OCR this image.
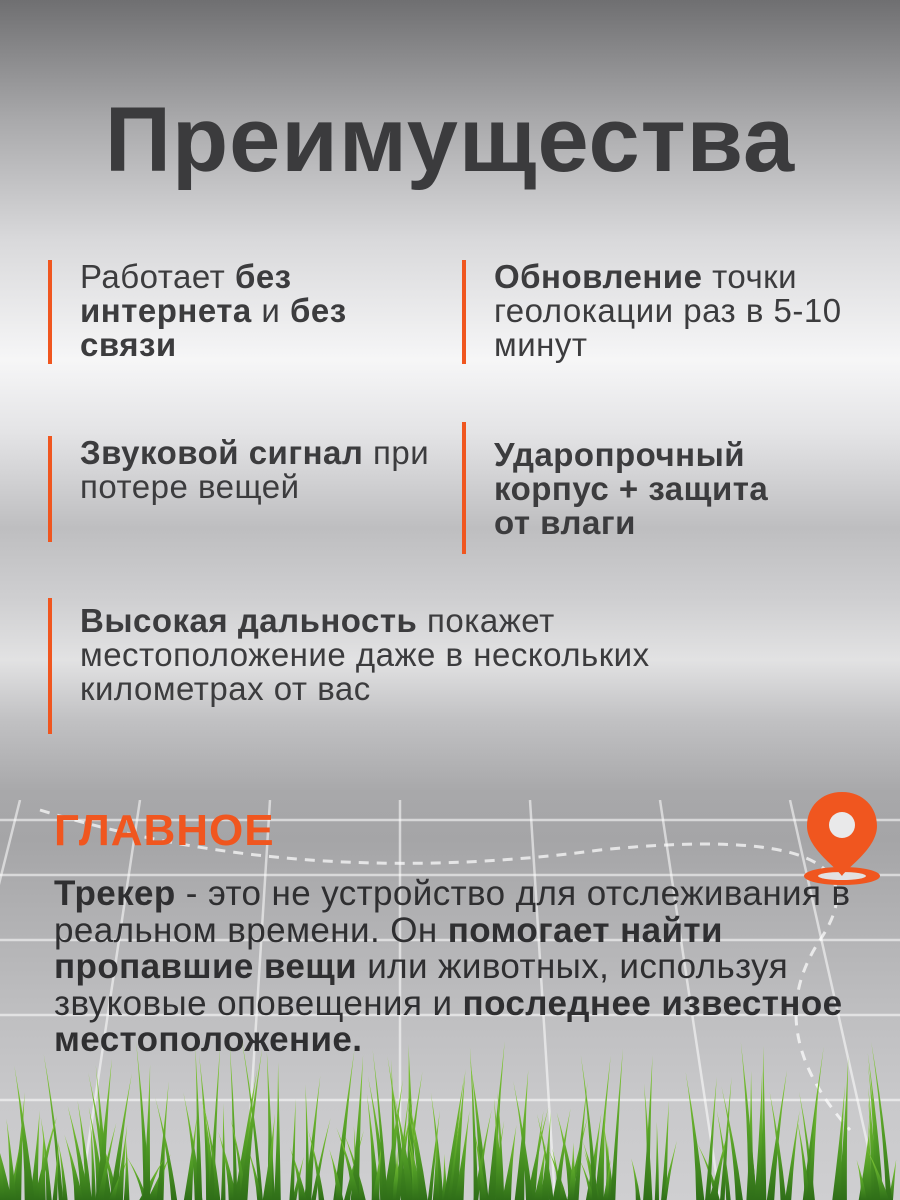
Преимущества
Работает без интернета и без связи
Обновление точки геолокации раз в 5-10 минут
Звуковой сигнал при потере вещей
Ударопрочный корпус + защита от влаги
Высокая дальность покажет местоположение даже в нескольких километрах от вас
ГЛАВНОЕ
Трекер - это не устройство для отслеживания в реальном времени. Он помогает найти пропавшие вещи или животных, используя звуковые оповещения и последнее известное местоположение.
